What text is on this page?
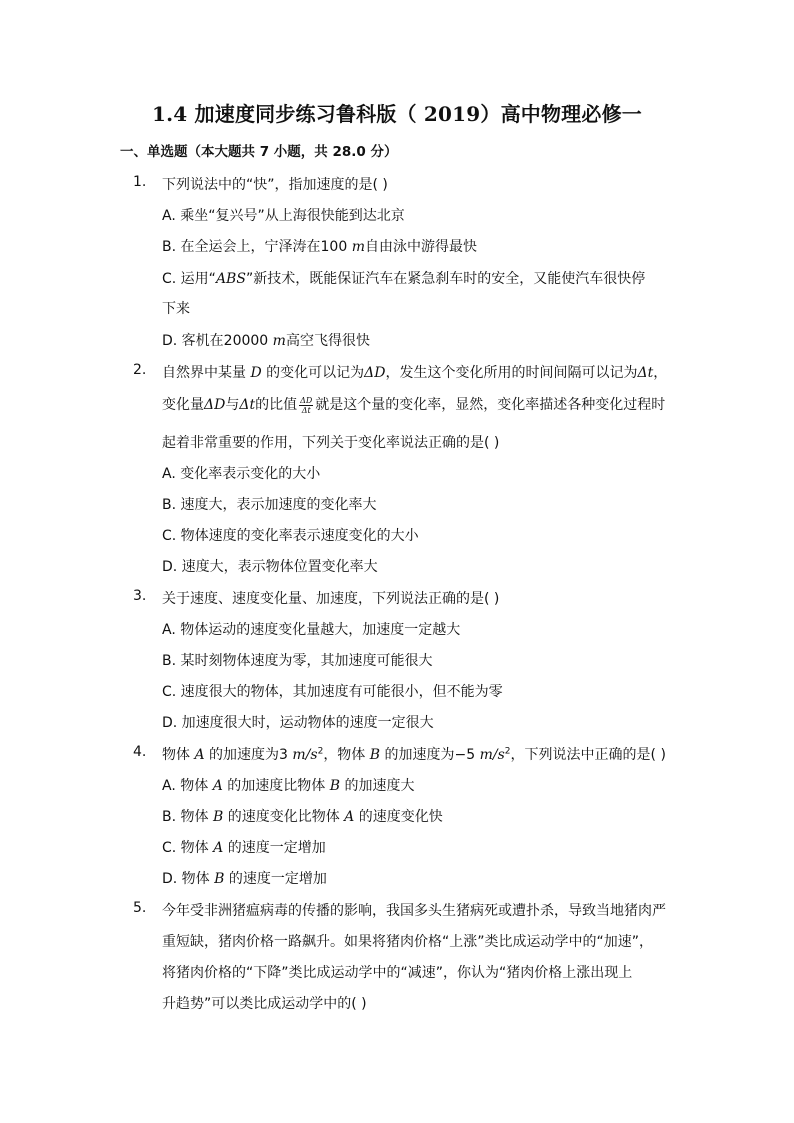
1.4 加速度同步练习鲁科版（ 2019）高中物理必修一
一、单选题（本大题共 7 小题，共 28.0 分）
1. 下列说法中的“快”，指加速度的是( )
A. 乘坐“复兴号”从上海很快能到达北京
B. 在全运会上，宁泽涛在100 m自由泳中游得最快
C. 运用“ABS”新技术，既能保证汽车在紧急刹车时的安全，又能使汽车很快停
下来
D. 客机在20000 m高空飞得很快
2. 自然界中某量 D 的变化可以记为ΔD，发生这个变化所用的时间间隔可以记为Δt，
变化量ΔD与Δt的比值 $\frac{\Delta D}{\Delta t}$ 就是这个量的变化率，显然，变化率描述各种变化过程时
起着非常重要的作用，下列关于变化率说法正确的是( )
A. 变化率表示变化的大小
B. 速度大，表示加速度的变化率大
C. 物体速度的变化率表示速度变化的大小
D. 速度大，表示物体位置变化率大
3. 关于速度、速度变化量、加速度，下列说法正确的是( )
A. 物体运动的速度变化量越大，加速度一定越大
B. 某时刻物体速度为零，其加速度可能很大
C. 速度很大的物体，其加速度有可能很小，但不能为零
D. 加速度很大时，运动物体的速度一定很大
4. 物体 A 的加速度为3 $m/s^2$，物体 B 的加速度为−5 $m/s^2$，下列说法中正确的是( )
A. 物体 A 的加速度比物体 B 的加速度大
B. 物体 B 的速度变化比物体 A 的速度变化快
C. 物体 A 的速度一定增加
D. 物体 B 的速度一定增加
5. 今年受非洲猪瘟病毒的传播的影响，我国多头生猪病死或遭扑杀，导致当地猪肉严
重短缺，猪肉价格一路飙升。如果将猪肉价格“上涨”类比成运动学中的“加速”，
将猪肉价格的“下降”类比成运动学中的“减速”，你认为“猪肉价格上涨出现上
升趋势”可以类比成运动学中的( )
